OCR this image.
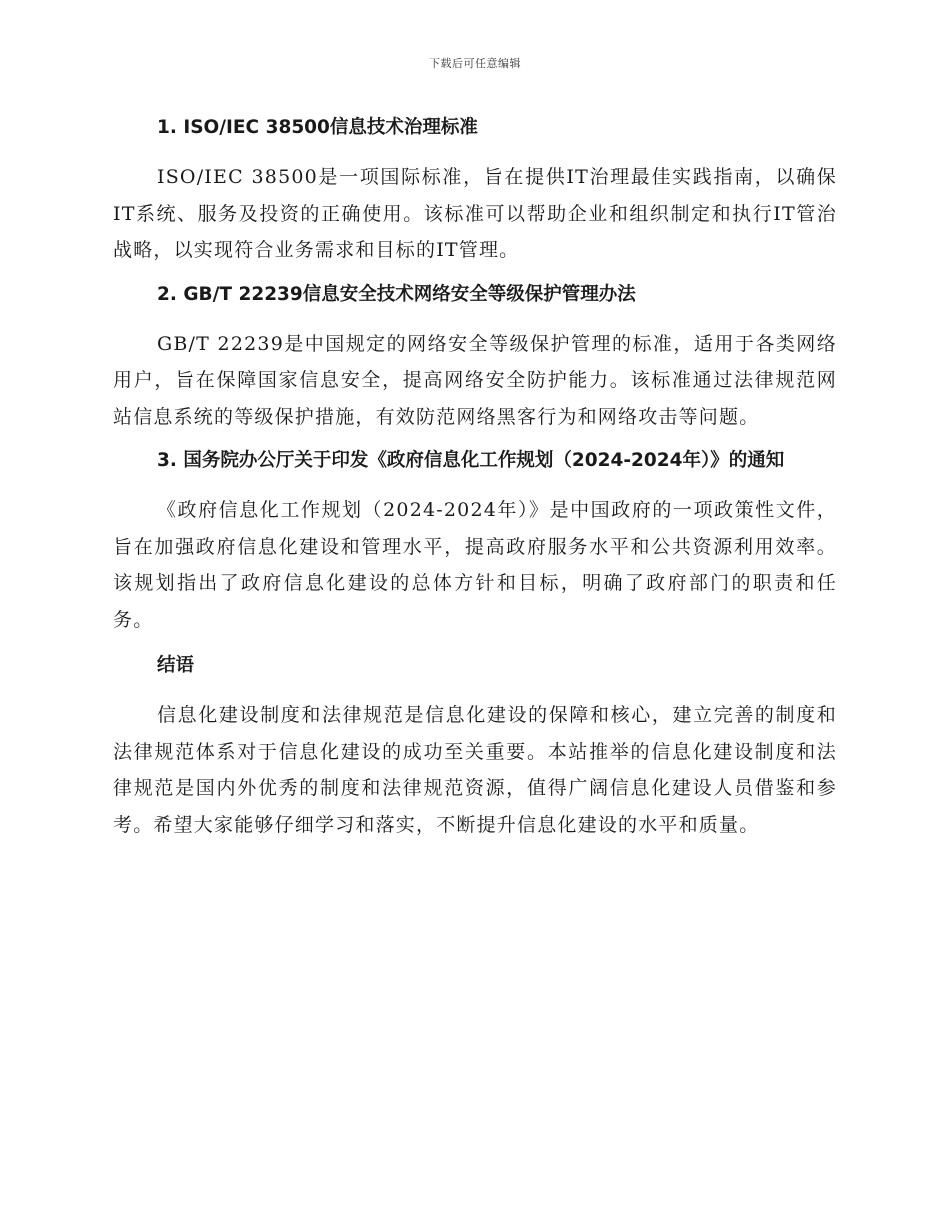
下载后可任意编辑
1. ISO/IEC 38500信息技术治理标准

ISO/IEC 38500是一项国际标准，旨在提供IT治理最佳实践指南，以确保IT系统、服务及投资的正确使用。该标准可以帮助企业和组织制定和执行IT管治战略，以实现符合业务需求和目标的IT管理。

2. GB/T 22239信息安全技术网络安全等级保护管理办法

GB/T 22239是中国规定的网络安全等级保护管理的标准，适用于各类网络用户，旨在保障国家信息安全，提高网络安全防护能力。该标准通过法律规范网站信息系统的等级保护措施，有效防范网络黑客行为和网络攻击等问题。

3. 国务院办公厅关于印发《政府信息化工作规划（2024-2024年）》的通知

《政府信息化工作规划（2024-2024年）》是中国政府的一项政策性文件，旨在加强政府信息化建设和管理水平，提高政府服务水平和公共资源利用效率。该规划指出了政府信息化建设的总体方针和目标，明确了政府部门的职责和任务。

结语

信息化建设制度和法律规范是信息化建设的保障和核心，建立完善的制度和法律规范体系对于信息化建设的成功至关重要。本站推举的信息化建设制度和法律规范是国内外优秀的制度和法律规范资源，值得广阔信息化建设人员借鉴和参考。希望大家能够仔细学习和落实，不断提升信息化建设的水平和质量。
